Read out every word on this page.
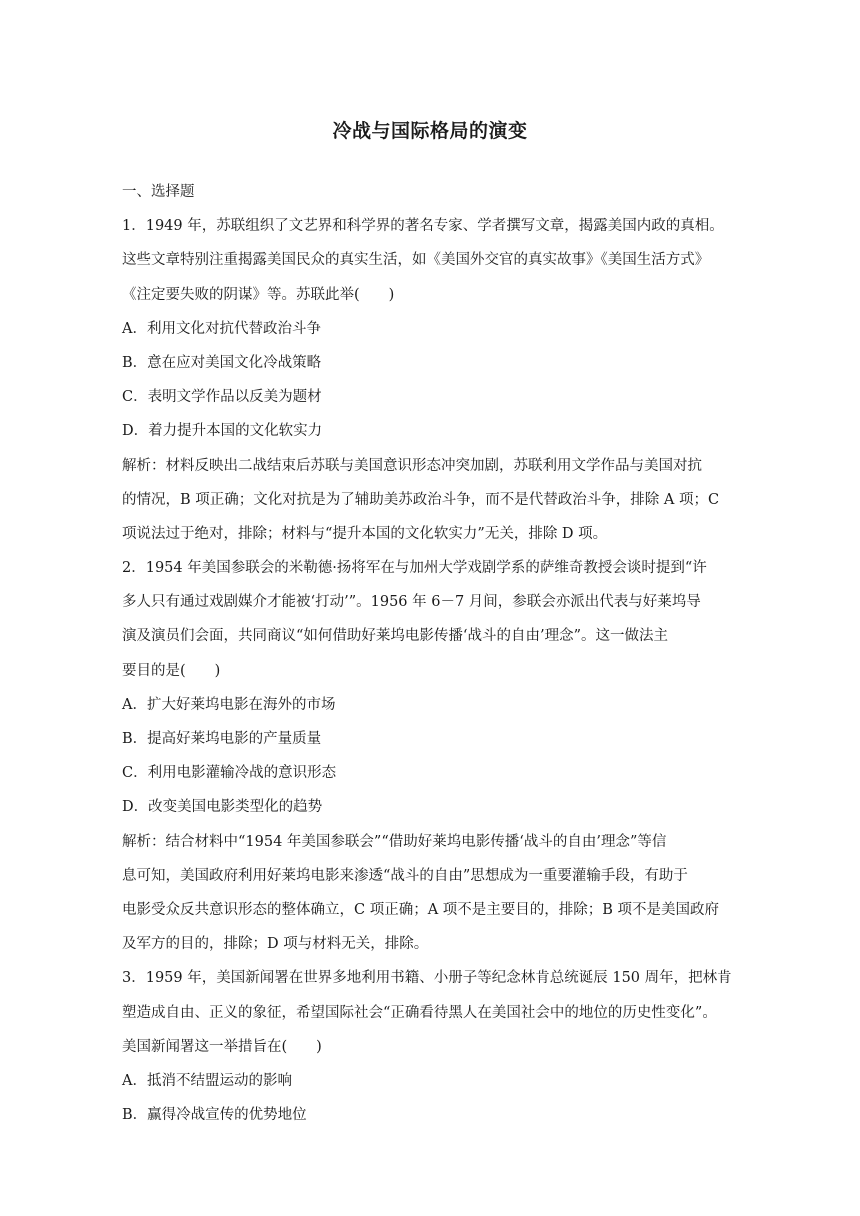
冷战与国际格局的演变
一、选择题
1．1949 年，苏联组织了文艺界和科学界的著名专家、学者撰写文章，揭露美国内政的真相。
这些文章特别注重揭露美国民众的真实生活，如《美国外交官的真实故事》《美国生活方式》
《注定要失败的阴谋》等。苏联此举(　　)
A．利用文化对抗代替政治斗争
B．意在应对美国文化冷战策略
C．表明文学作品以反美为题材
D．着力提升本国的文化软实力
解析：材料反映出二战结束后苏联与美国意识形态冲突加剧，苏联利用文学作品与美国对抗
的情况，B 项正确；文化对抗是为了辅助美苏政治斗争，而不是代替政治斗争，排除 A 项；C
项说法过于绝对，排除；材料与“提升本国的文化软实力”无关，排除 D 项。
2．1954 年美国参联会的米勒德·扬将军在与加州大学戏剧学系的萨维奇教授会谈时提到“许
多人只有通过戏剧媒介才能被‘打动’”。1956 年 6－7 月间，参联会亦派出代表与好莱坞导
演及演员们会面，共同商议“如何借助好莱坞电影传播‘战斗的自由’理念”。这一做法主
要目的是(　　)
A．扩大好莱坞电影在海外的市场
B．提高好莱坞电影的产量质量
C．利用电影灌输冷战的意识形态
D．改变美国电影类型化的趋势
解析：结合材料中“1954 年美国参联会”“借助好莱坞电影传播‘战斗的自由’理念”等信
息可知，美国政府利用好莱坞电影来渗透“战斗的自由”思想成为一重要灌输手段，有助于
电影受众反共意识形态的整体确立，C 项正确；A 项不是主要目的，排除；B 项不是美国政府
及军方的目的，排除；D 项与材料无关，排除。
3．1959 年，美国新闻署在世界多地利用书籍、小册子等纪念林肯总统诞辰 150 周年，把林肯
塑造成自由、正义的象征，希望国际社会“正确看待黑人在美国社会中的地位的历史性变化”。
美国新闻署这一举措旨在(　　)
A．抵消不结盟运动的影响
B．赢得冷战宣传的优势地位
